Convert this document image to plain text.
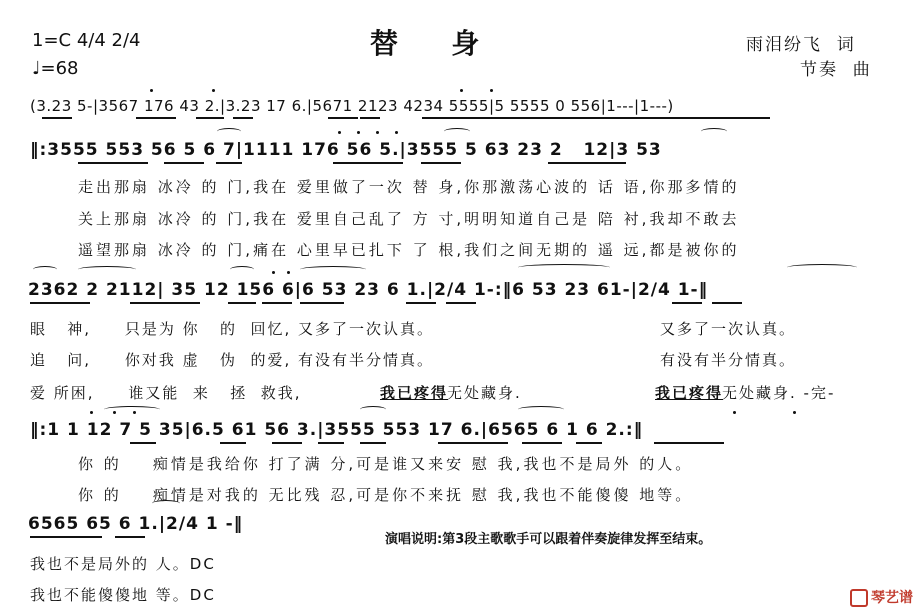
替   身
1=C 4/4 2/4
♩=68
雨泪纷飞  词
节奏  曲
(3.23 5-|3567 176 43 2.|3.23 17 6.|5671 2123 4234 5555|5 5555 0 556|1---|1---)
‖:3555 553 56 5 6 7|1111 176 56 5.|3555 5 63 23 2   12|3 53
走出那扇 冰冷 的 门,我在 爱里做了一次 替 身,你那激荡心波的 话 语,你那多情的
关上那扇 冰冷 的 门,我在 爱里自己乱了 方 寸,明明知道自己是 陪 衬,我却不敢去
遥望那扇 冰冷 的 门,痛在 心里早已扎下 了 根,我们之间无期的 遥 远,都是被你的
2362 2 2112| 35 12 156 6|6 53 23 6 1.|2/4 1-:‖6 53 23 61-|2/4 1-‖
眼   神,     只是为 你   的  回忆, 又多了一次认真。
追   问,     你对我 虚   伪  的爱, 有没有半分情真。
爱 所困,     谁又能  来   拯  救我,	我已疼得
无处藏身.
又多了一次认真。
有没有半分情真。
我已疼得
无处藏身. -完-
‖:1 1 12 7 5 35|6.5 61 56 3.|3555 553 17 6.|6565 6 1 6 2.:‖
你 的    痴情是我给你 打了满 分,可是谁又来安 慰 我,我也不是局外 的人。
你 的    痴情是对我的 无比残 忍,可是你不来抚 慰 我,我也不能傻傻 地等。
6565 65 6 1.|2/4 1 -‖
我也不是局外的 人。DC
我也不能傻傻地 等。DC
演唱说明:第3段主歌歌手可以跟着伴奏旋律发挥至结束。

琴艺谱
